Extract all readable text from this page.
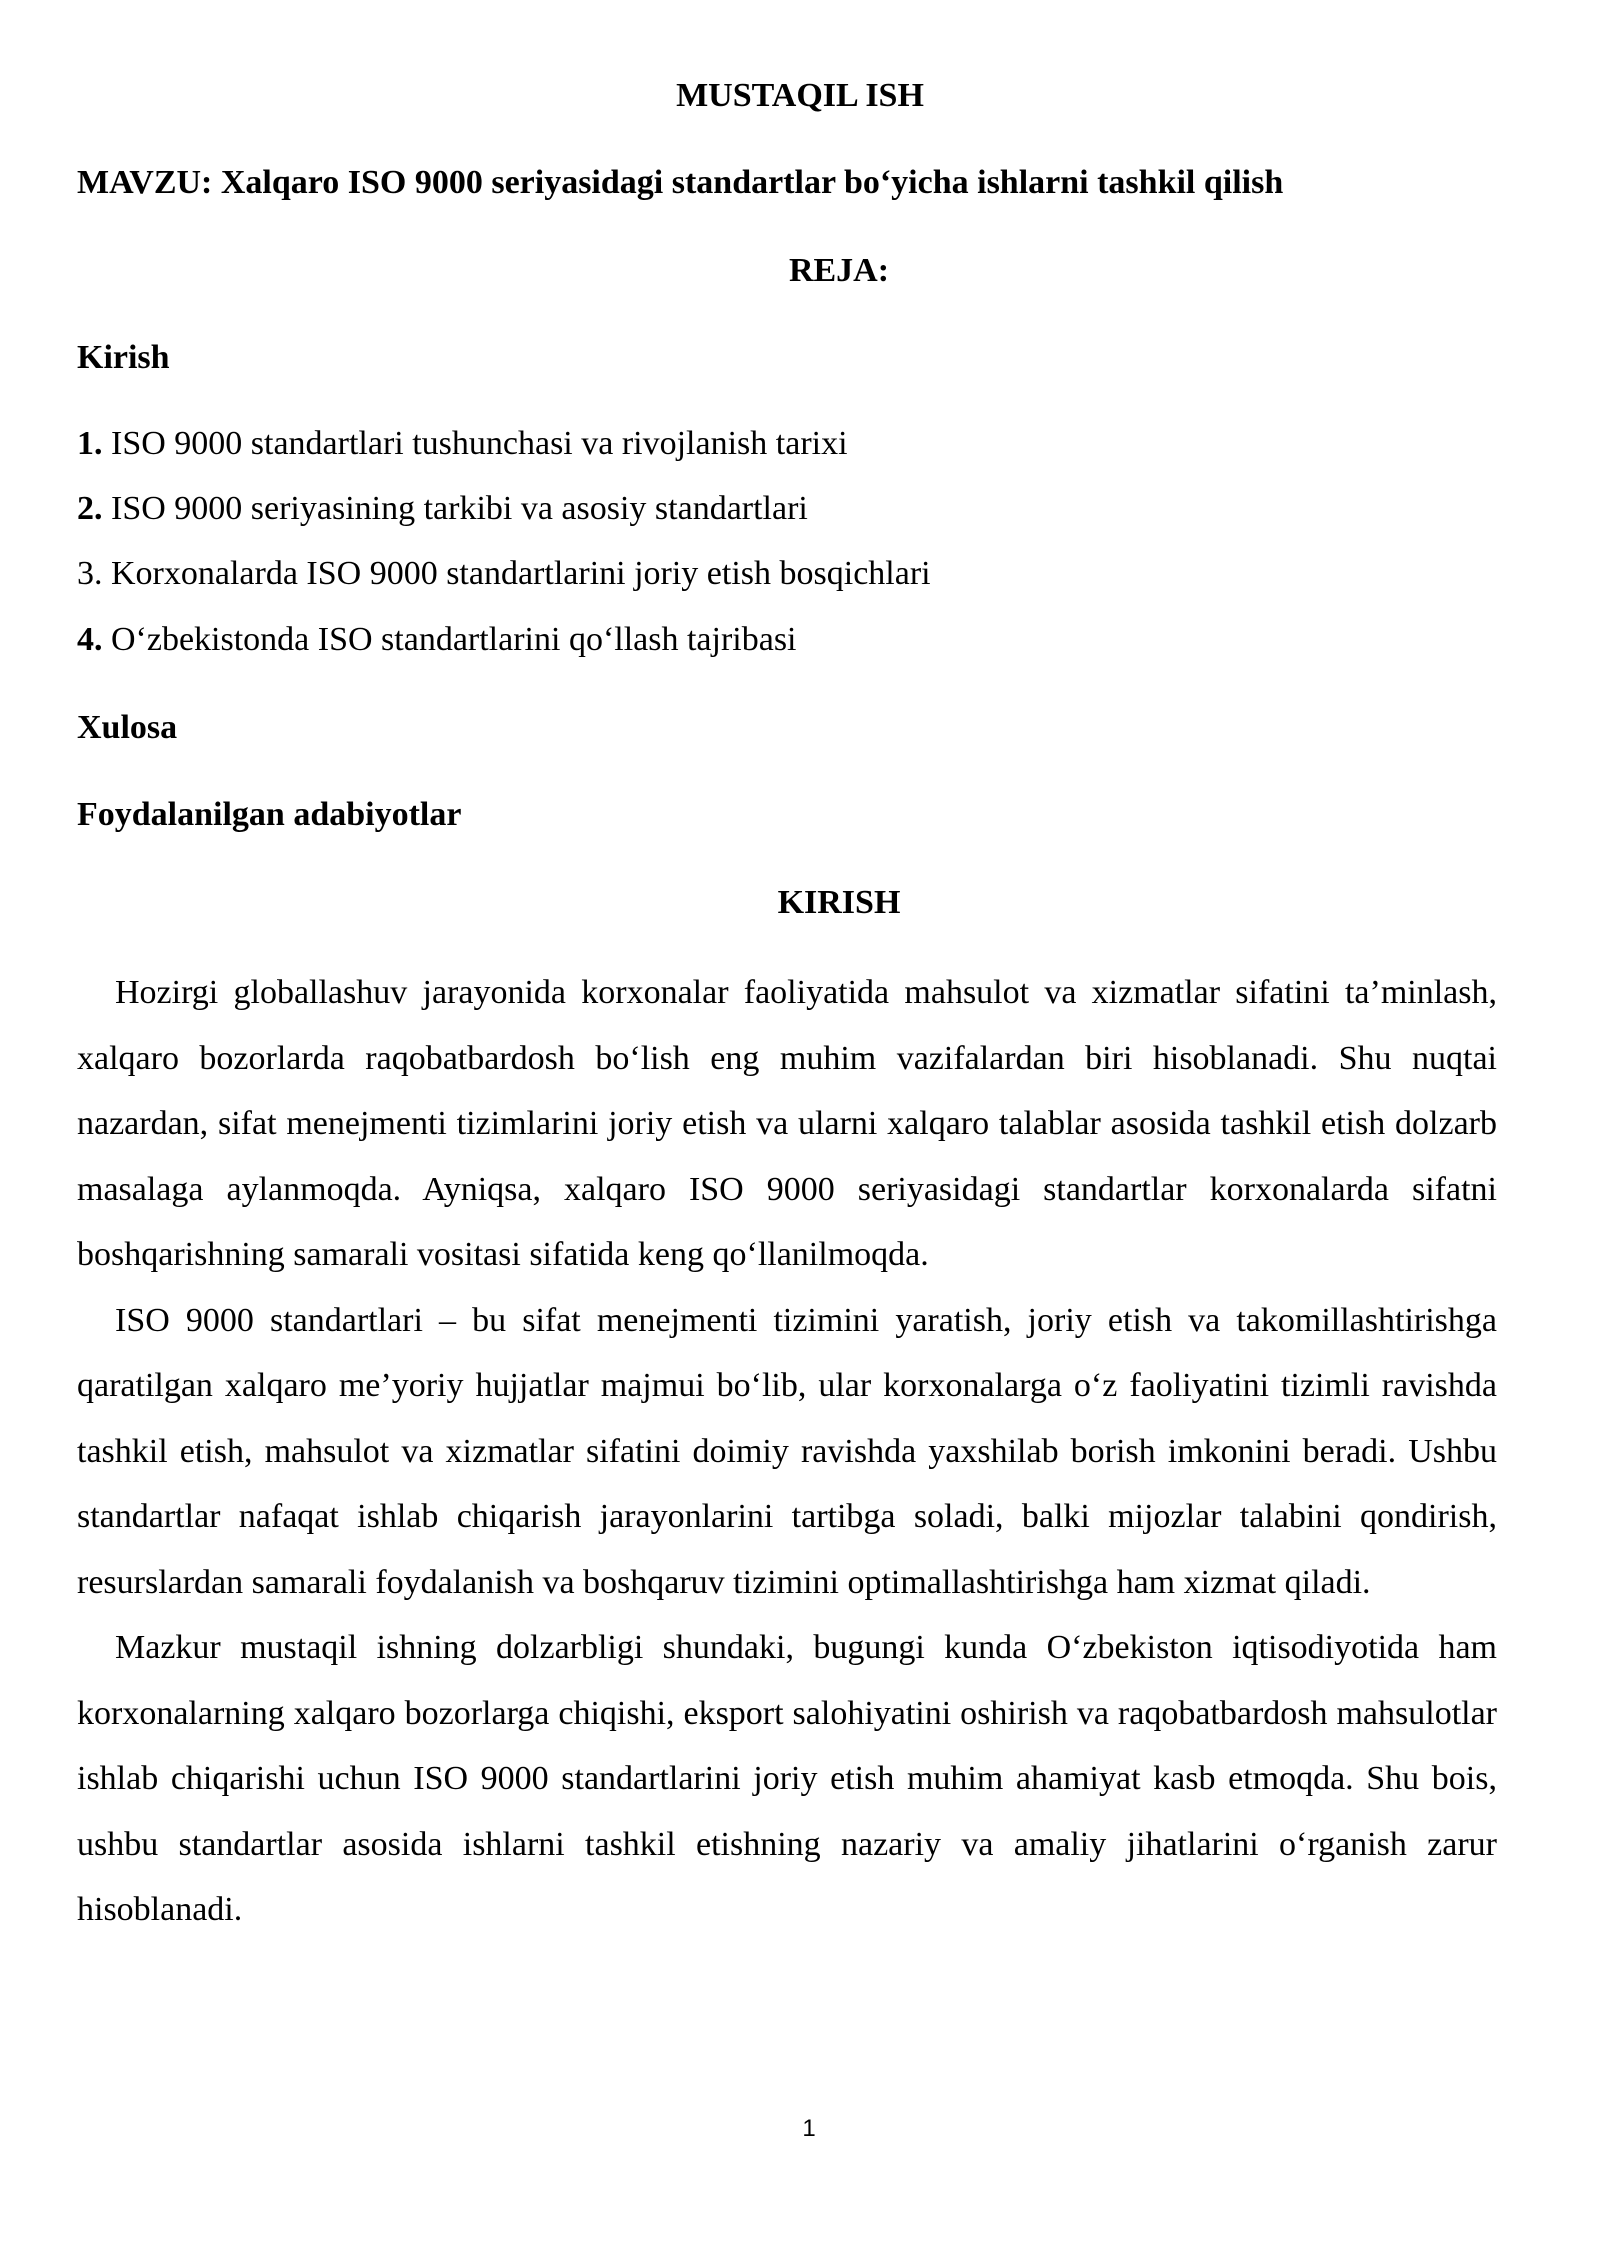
MUSTAQIL ISH
MAVZU: Xalqaro ISO 9000 seriyasidagi standartlar bo‘yicha ishlarni tashkil qilish
REJA:
Kirish
1. ISO 9000 standartlari tushunchasi va rivojlanish tarixi
2. ISO 9000 seriyasining tarkibi va asosiy standartlari
3. Korxonalarda ISO 9000 standartlarini joriy etish bosqichlari
4. O‘zbekistonda ISO standartlarini qo‘llash tajribasi
Xulosa
Foydalanilgan adabiyotlar
KIRISH

Hozirgi globallashuv jarayonida korxonalar faoliyatida mahsulot va xizmatlar sifatini ta’minlash, xalqaro bozorlarda raqobatbardosh bo‘lish eng muhim vazifalardan biri hisoblanadi. Shu nuqtai nazardan, sifat menejmenti tizimlarini joriy etish va ularni xalqaro talablar asosida tashkil etish dolzarb masalaga aylanmoqda. Ayniqsa, xalqaro ISO 9000 seriyasidagi standartlar korxonalarda sifatni boshqarishning samarali vositasi sifatida keng qo‘llanilmoqda.

ISO 9000 standartlari – bu sifat menejmenti tizimini yaratish, joriy etish va takomillashtirishga qaratilgan xalqaro me’yoriy hujjatlar majmui bo‘lib, ular korxonalarga o‘z faoliyatini tizimli ravishda tashkil etish, mahsulot va xizmatlar sifatini doimiy ravishda yaxshilab borish imkonini beradi. Ushbu standartlar nafaqat ishlab chiqarish jarayonlarini tartibga soladi, balki mijozlar talabini qondirish, resurslardan samarali foydalanish va boshqaruv tizimini optimallashtirishga ham xizmat qiladi.

Mazkur mustaqil ishning dolzarbligi shundaki, bugungi kunda O‘zbekiston iqtisodiyotida ham korxonalarning xalqaro bozorlarga chiqishi, eksport salohiyatini oshirish va raqobatbardosh mahsulotlar ishlab chiqarishi uchun ISO 9000 standartlarini joriy etish muhim ahamiyat kasb etmoqda. Shu bois, ushbu standartlar asosida ishlarni tashkil etishning nazariy va amaliy jihatlarini o‘rganish zarur hisoblanadi.

1
